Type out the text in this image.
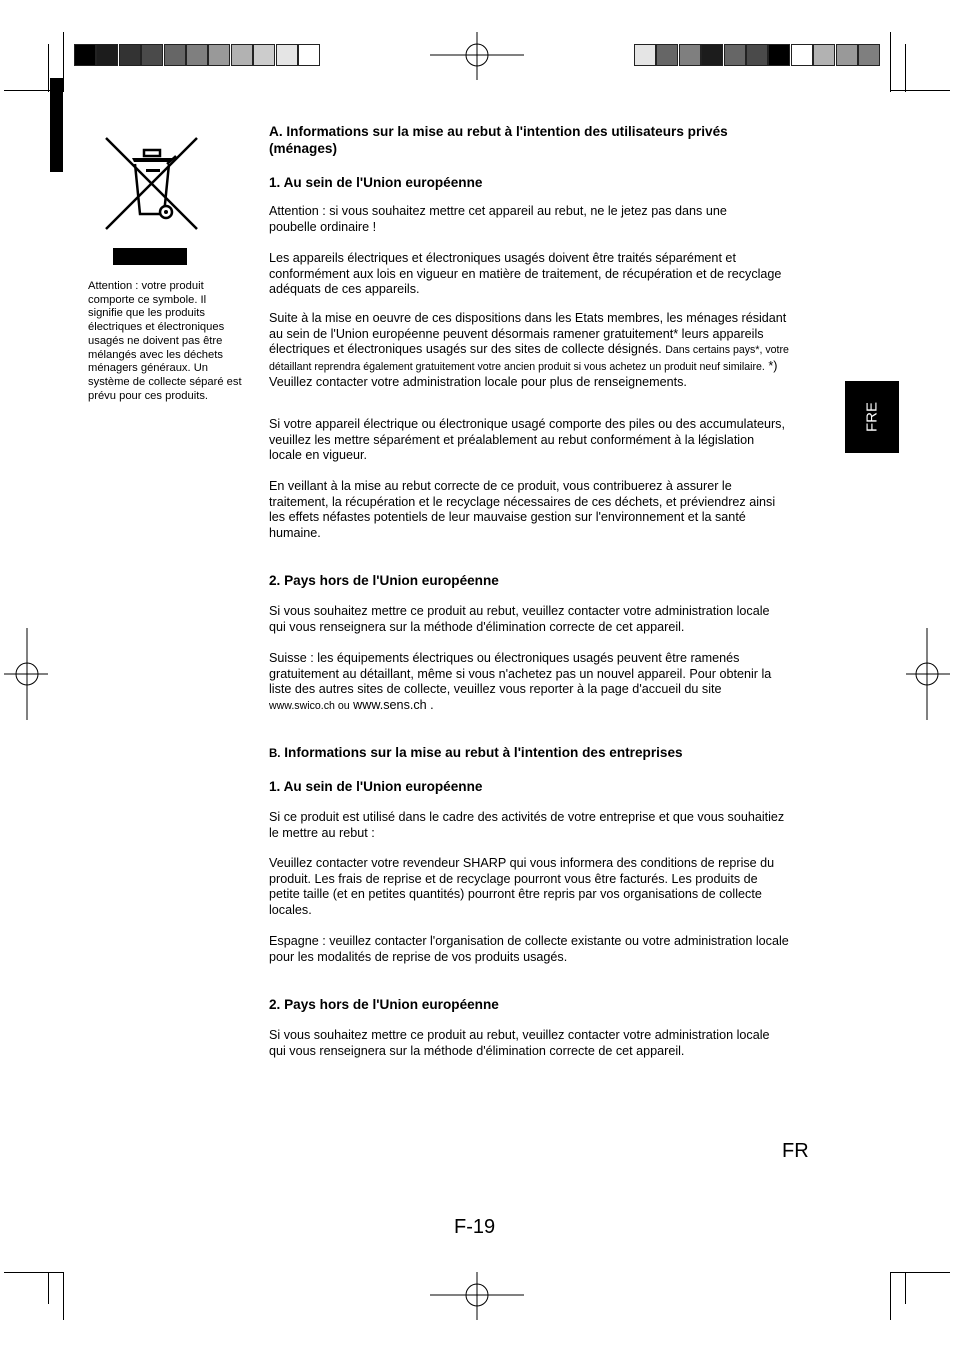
Attention : votre produit comporte ce symbole. Il signifie que les produits électriques et électroniques usagés ne doivent pas être mélangés avec les déchets ménagers généraux. Un système de collecte séparé est prévu pour ces produits.

FRE

A. Informations sur la mise au rebut à l'intention des utilisateurs privés (ménages)

1. Au sein de l'Union européenne

Attention : si vous souhaitez mettre cet appareil au rebut, ne le jetez pas dans une poubelle ordinaire !

Les appareils électriques et électroniques usagés doivent être traités séparément et conformément aux lois en vigueur en matière de traitement, de récupération et de recyclage adéquats de ces appareils.

Suite à la mise en oeuvre de ces dispositions dans les Etats membres, les ménages résidant au sein de l'Union européenne peuvent désormais ramener gratuitement* leurs appareils électriques et électroniques usagés sur des sites de collecte désignés. Dans certains pays*, votre détaillant reprendra également gratuitement votre ancien produit si vous achetez un produit neuf similaire. *) Veuillez contacter votre administration locale pour plus de renseignements.

Si votre appareil électrique ou électronique usagé comporte des piles ou des accumulateurs, veuillez les mettre séparément et préalablement au rebut conformément à la législation locale en vigueur.

En veillant à la mise au rebut correcte de ce produit, vous contribuerez à assurer le traitement, la récupération et le recyclage nécessaires de ces déchets, et préviendrez ainsi les effets néfastes potentiels de leur mauvaise gestion sur l'environnement et la santé humaine.

2. Pays hors de l'Union européenne

Si vous souhaitez mettre ce produit au rebut, veuillez contacter votre administration locale qui vous renseignera sur la méthode d'élimination correcte de cet appareil.

Suisse : les équipements électriques ou électroniques usagés peuvent être ramenés gratuitement au détaillant, même si vous n'achetez pas un nouvel appareil. Pour obtenir la liste des autres sites de collecte, veuillez vous reporter à la page d'accueil du site www.swico.ch ou www.sens.ch .

B. Informations sur la mise au rebut à l'intention des entreprises

1. Au sein de l'Union européenne

Si ce produit est utilisé dans le cadre des activités de votre entreprise et que vous souhaitiez le mettre au rebut :

Veuillez contacter votre revendeur SHARP qui vous informera des conditions de reprise du produit. Les frais de reprise et de recyclage pourront vous être facturés. Les produits de petite taille (et en petites quantités) pourront être repris par vos organisations de collecte locales.

Espagne : veuillez contacter l'organisation de collecte existante ou votre administration locale pour les modalités de reprise de vos produits usagés.

2. Pays hors de l'Union européenne

Si vous souhaitez mettre ce produit au rebut, veuillez contacter votre administration locale qui vous renseignera sur la méthode d'élimination correcte de cet appareil.

FR
F-19
